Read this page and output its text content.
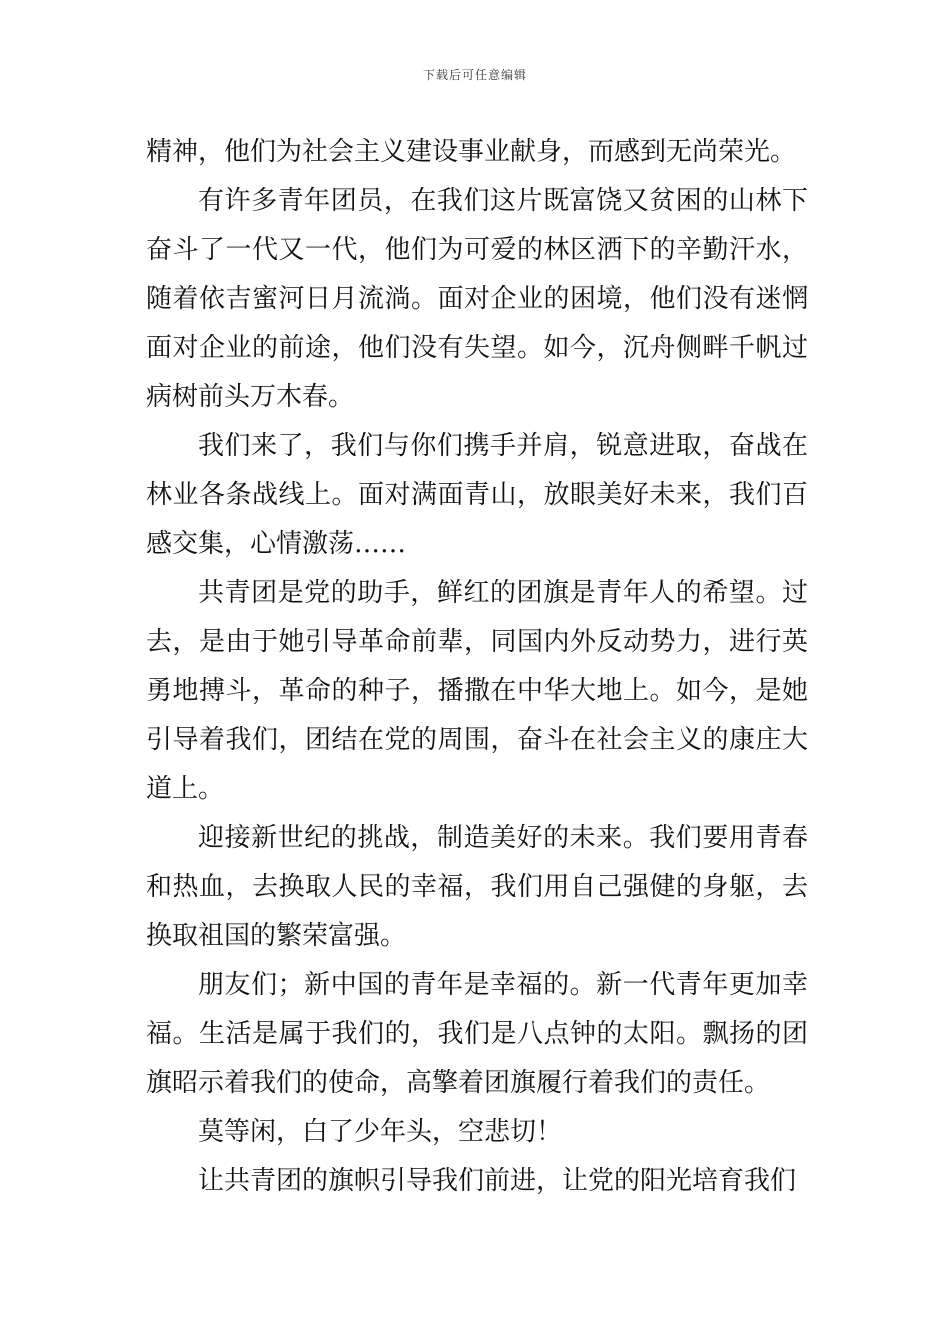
下载后可任意编辑

精神，他们为社会主义建设事业献身，而感到无尚荣光。

有许多青年团员，在我们这片既富饶又贫困的山林下奋斗了一代又一代，他们为可爱的林区洒下的辛勤汗水，随着依吉蜜河日月流淌。面对企业的困境，他们没有迷惘面对企业的前途，他们没有失望。如今，沉舟侧畔千帆过病树前头万木春。

我们来了，我们与你们携手并肩，锐意进取，奋战在林业各条战线上。面对满面青山，放眼美好未来，我们百感交集，心情激荡……

共青团是党的助手，鲜红的团旗是青年人的希望。过去，是由于她引导革命前辈，同国内外反动势力，进行英勇地搏斗，革命的种子，播撒在中华大地上。如今，是她引导着我们，团结在党的周围，奋斗在社会主义的康庄大道上。

迎接新世纪的挑战，制造美好的未来。我们要用青春和热血，去换取人民的幸福，我们用自己强健的身躯，去换取祖国的繁荣富强。

朋友们；新中国的青年是幸福的。新一代青年更加幸福。生活是属于我们的，我们是八点钟的太阳。飘扬的团旗昭示着我们的使命，高擎着团旗履行着我们的责任。

莫等闲，白了少年头，空悲切！

让共青团的旗帜引导我们前进，让党的阳光培育我们
